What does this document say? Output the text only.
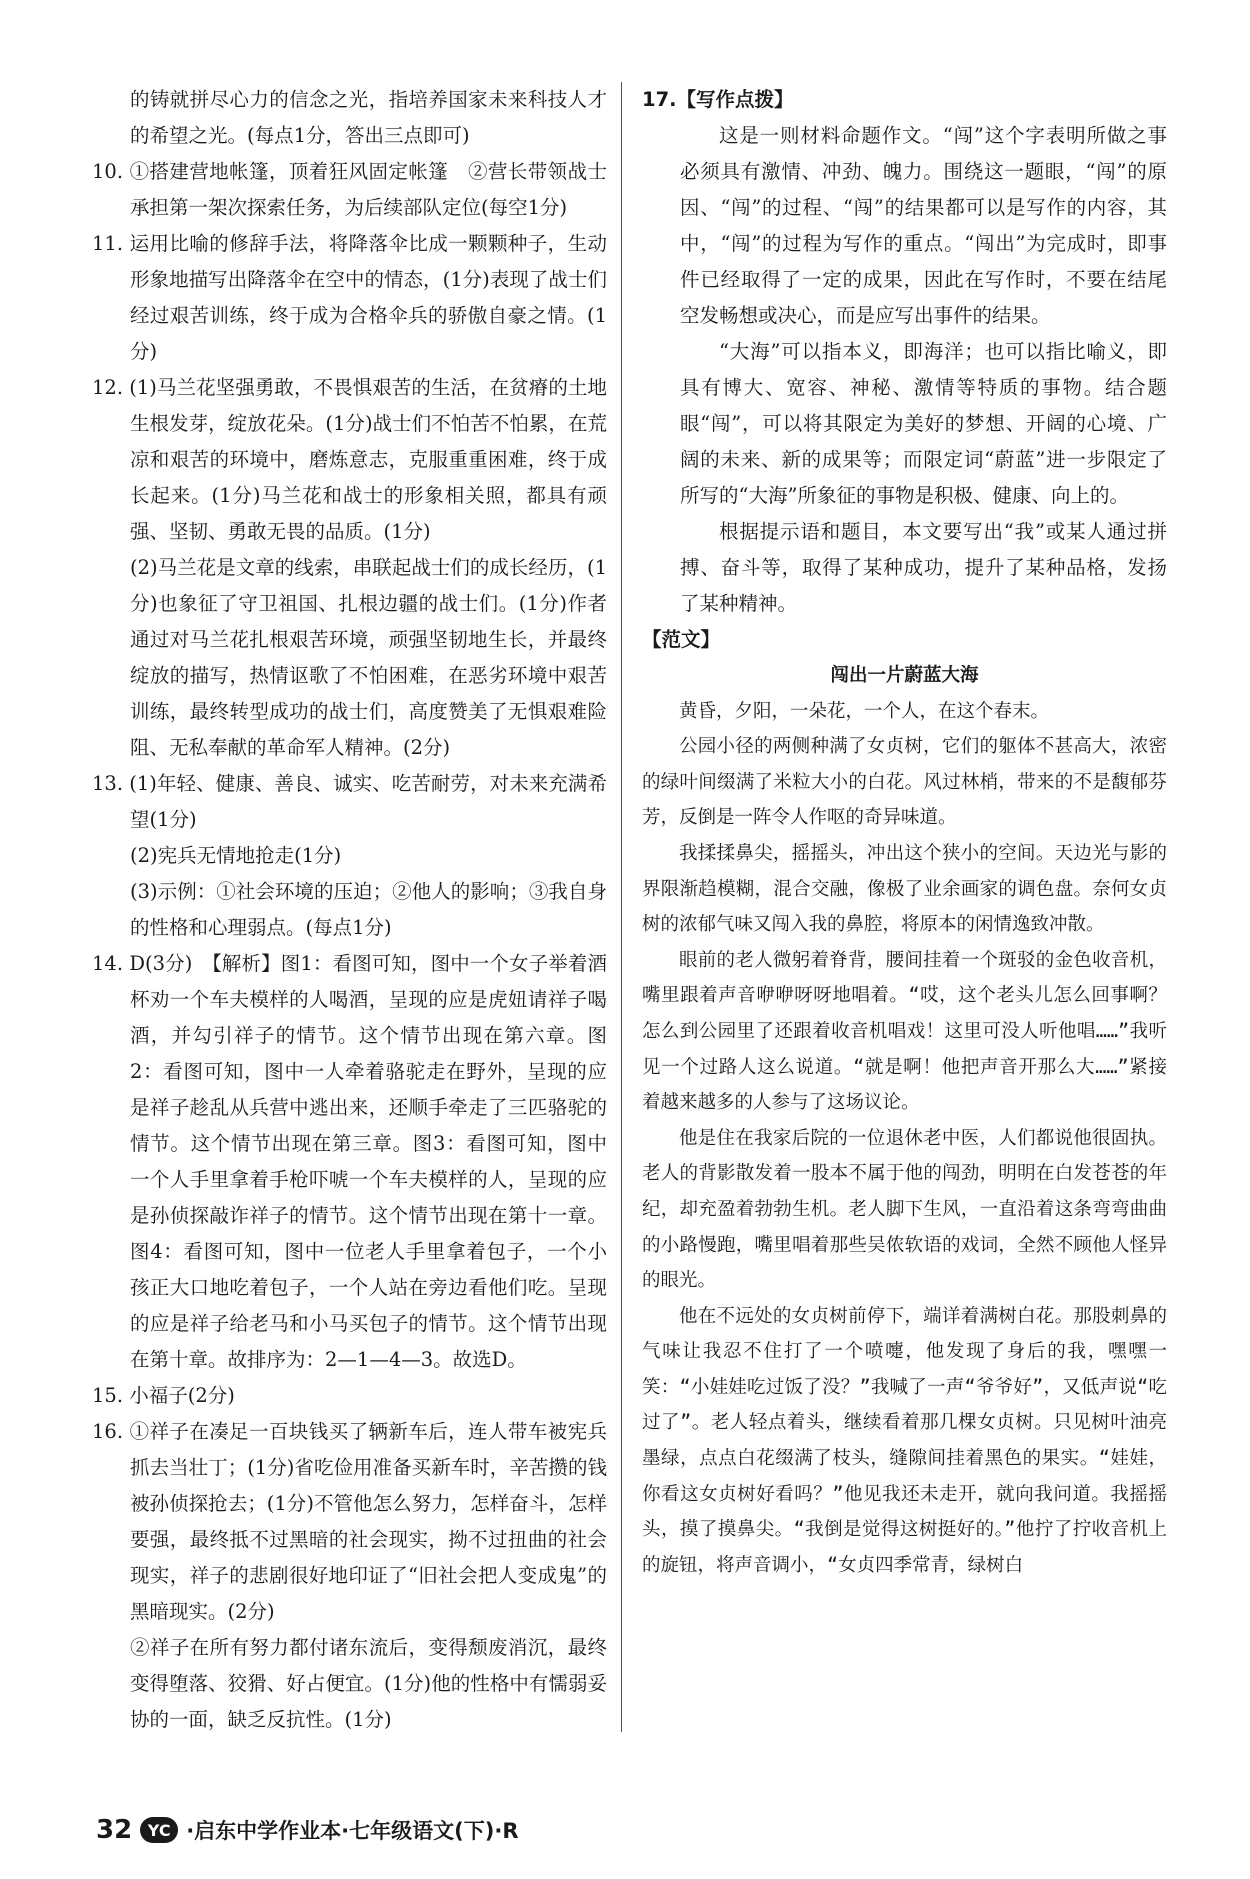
的铸就拼尽心力的信念之光，指培养国家未来科技人才的希望之光。(每点1分，答出三点即可)

10. ①搭建营地帐篷，顶着狂风固定帐篷　②营长带领战士承担第一架次探索任务，为后续部队定位(每空1分)

11. 运用比喻的修辞手法，将降落伞比成一颗颗种子，生动形象地描写出降落伞在空中的情态，(1分)表现了战士们经过艰苦训练，终于成为合格伞兵的骄傲自豪之情。(1分)

12. (1)马兰花坚强勇敢，不畏惧艰苦的生活，在贫瘠的土地生根发芽，绽放花朵。(1分)战士们不怕苦不怕累，在荒凉和艰苦的环境中，磨炼意志，克服重重困难，终于成长起来。(1分)马兰花和战士的形象相关照，都具有顽强、坚韧、勇敢无畏的品质。(1分)

(2)马兰花是文章的线索，串联起战士们的成长经历，(1分)也象征了守卫祖国、扎根边疆的战士们。(1分)作者通过对马兰花扎根艰苦环境，顽强坚韧地生长，并最终绽放的描写，热情讴歌了不怕困难，在恶劣环境中艰苦训练，最终转型成功的战士们，高度赞美了无惧艰难险阻、无私奉献的革命军人精神。(2分)

13. (1)年轻、健康、善良、诚实、吃苦耐劳，对未来充满希望(1分)

(2)宪兵无情地抢走(1分)

(3)示例：①社会环境的压迫；②他人的影响；③我自身的性格和心理弱点。(每点1分)

14. D(3分)　【解析】图1：看图可知，图中一个女子举着酒杯劝一个车夫模样的人喝酒，呈现的应是虎妞请祥子喝酒，并勾引祥子的情节。这个情节出现在第六章。图2：看图可知，图中一人牵着骆驼走在野外，呈现的应是祥子趁乱从兵营中逃出来，还顺手牵走了三匹骆驼的情节。这个情节出现在第三章。图3：看图可知，图中一个人手里拿着手枪吓唬一个车夫模样的人，呈现的应是孙侦探敲诈祥子的情节。这个情节出现在第十一章。图4：看图可知，图中一位老人手里拿着包子，一个小孩正大口地吃着包子，一个人站在旁边看他们吃。呈现的应是祥子给老马和小马买包子的情节。这个情节出现在第十章。故排序为：2—1—4—3。故选D。

15. 小福子(2分)

16. ①祥子在凑足一百块钱买了辆新车后，连人带车被宪兵抓去当壮丁；(1分)省吃俭用准备买新车时，辛苦攒的钱被孙侦探抢去；(1分)不管他怎么努力，怎样奋斗，怎样要强，最终抵不过黑暗的社会现实，拗不过扭曲的社会现实，祥子的悲剧很好地印证了“旧社会把人变成鬼”的黑暗现实。(2分)

②祥子在所有努力都付诸东流后，变得颓废消沉，最终变得堕落、狡猾、好占便宜。(1分)他的性格中有懦弱妥协的一面，缺乏反抗性。(1分)

17.【写作点拨】

这是一则材料命题作文。“闯”这个字表明所做之事必须具有激情、冲劲、魄力。围绕这一题眼，“闯”的原因、“闯”的过程、“闯”的结果都可以是写作的内容，其中，“闯”的过程为写作的重点。“闯出”为完成时，即事件已经取得了一定的成果，因此在写作时，不要在结尾空发畅想或决心，而是应写出事件的结果。

“大海”可以指本义，即海洋；也可以指比喻义，即具有博大、宽容、神秘、激情等特质的事物。结合题眼“闯”，可以将其限定为美好的梦想、开阔的心境、广阔的未来、新的成果等；而限定词“蔚蓝”进一步限定了所写的“大海”所象征的事物是积极、健康、向上的。

根据提示语和题目，本文要写出“我”或某人通过拼搏、奋斗等，取得了某种成功，提升了某种品格，发扬了某种精神。

【范文】

闯出一片蔚蓝大海

黄昏，夕阳，一朵花，一个人，在这个春末。

公园小径的两侧种满了女贞树，它们的躯体不甚高大，浓密的绿叶间缀满了米粒大小的白花。风过林梢，带来的不是馥郁芬芳，反倒是一阵令人作呕的奇异味道。

我揉揉鼻尖，摇摇头，冲出这个狭小的空间。天边光与影的界限渐趋模糊，混合交融，像极了业余画家的调色盘。奈何女贞树的浓郁气味又闯入我的鼻腔，将原本的闲情逸致冲散。

眼前的老人微躬着脊背，腰间挂着一个斑驳的金色收音机，嘴里跟着声音咿咿呀呀地唱着。“哎，这个老头儿怎么回事啊？怎么到公园里了还跟着收音机唱戏！这里可没人听他唱……”我听见一个过路人这么说道。“就是啊！他把声音开那么大……”紧接着越来越多的人参与了这场议论。

他是住在我家后院的一位退休老中医，人们都说他很固执。老人的背影散发着一股本不属于他的闯劲，明明在白发苍苍的年纪，却充盈着勃勃生机。老人脚下生风，一直沿着这条弯弯曲曲的小路慢跑，嘴里唱着那些吴侬软语的戏词，全然不顾他人怪异的眼光。

他在不远处的女贞树前停下，端详着满树白花。那股刺鼻的气味让我忍不住打了一个喷嚏，他发现了身后的我，嘿嘿一笑：“小娃娃吃过饭了没？”我喊了一声“爷爷好”，又低声说“吃过了”。老人轻点着头，继续看着那几棵女贞树。只见树叶油亮墨绿，点点白花缀满了枝头，缝隙间挂着黑色的果实。“娃娃，你看这女贞树好看吗？”他见我还未走开，就向我问道。我摇摇头，摸了摸鼻尖。“我倒是觉得这树挺好的。”他拧了拧收音机上的旋钮，将声音调小，“女贞四季常青，绿树白

32 YC ·启东中学作业本·七年级语文(下)·R
